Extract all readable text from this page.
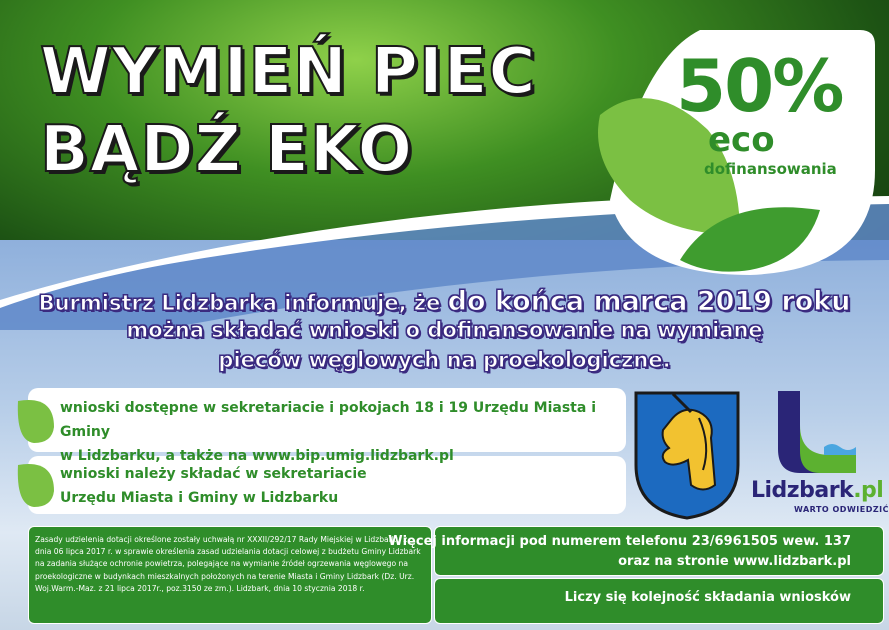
WYMIEŃ PIEC
BĄDŹ EKO
50%
eco
dofinansowania
Burmistrz Lidzbarka informuje, że do końca marca 2019 roku
można składać wnioski o dofinansowanie na wymianę
pieców węglowych na proekologiczne.
wnioski dostępne w sekretariacie i pokojach 18 i 19 Urzędu Miasta i Gminy
w Lidzbarku, a także na www.bip.umig.lidzbark.pl
wnioski należy składać w sekretariacie
Urzędu Miasta i Gminy w Lidzbarku	Lidzbark.pl
WARTO ODWIEDZIĆ

Zasady udzielenia dotacji określone zostały uchwałą nr XXXII/292/17 Rady Miejskiej w Lidzbarku z dnia 06 lipca 2017 r. w sprawie określenia zasad udzielania dotacji celowej z budżetu Gminy Lidzbark na zadania służące ochronie powietrza, polegające na wymianie źródeł ogrzewania węglowego na proekologiczne w budynkach mieszkalnych położonych na terenie Miasta i Gminy Lidzbark (Dz. Urz. Woj.Warm.-Maz. z 21 lipca 2017r., poz.3150 ze zm.). Lidzbark, dnia 10 stycznia 2018 r.

Więcej informacji pod numerem telefonu 23/6961505 wew. 137
oraz na stronie www.lidzbark.pl
Liczy się kolejność składania wniosków
